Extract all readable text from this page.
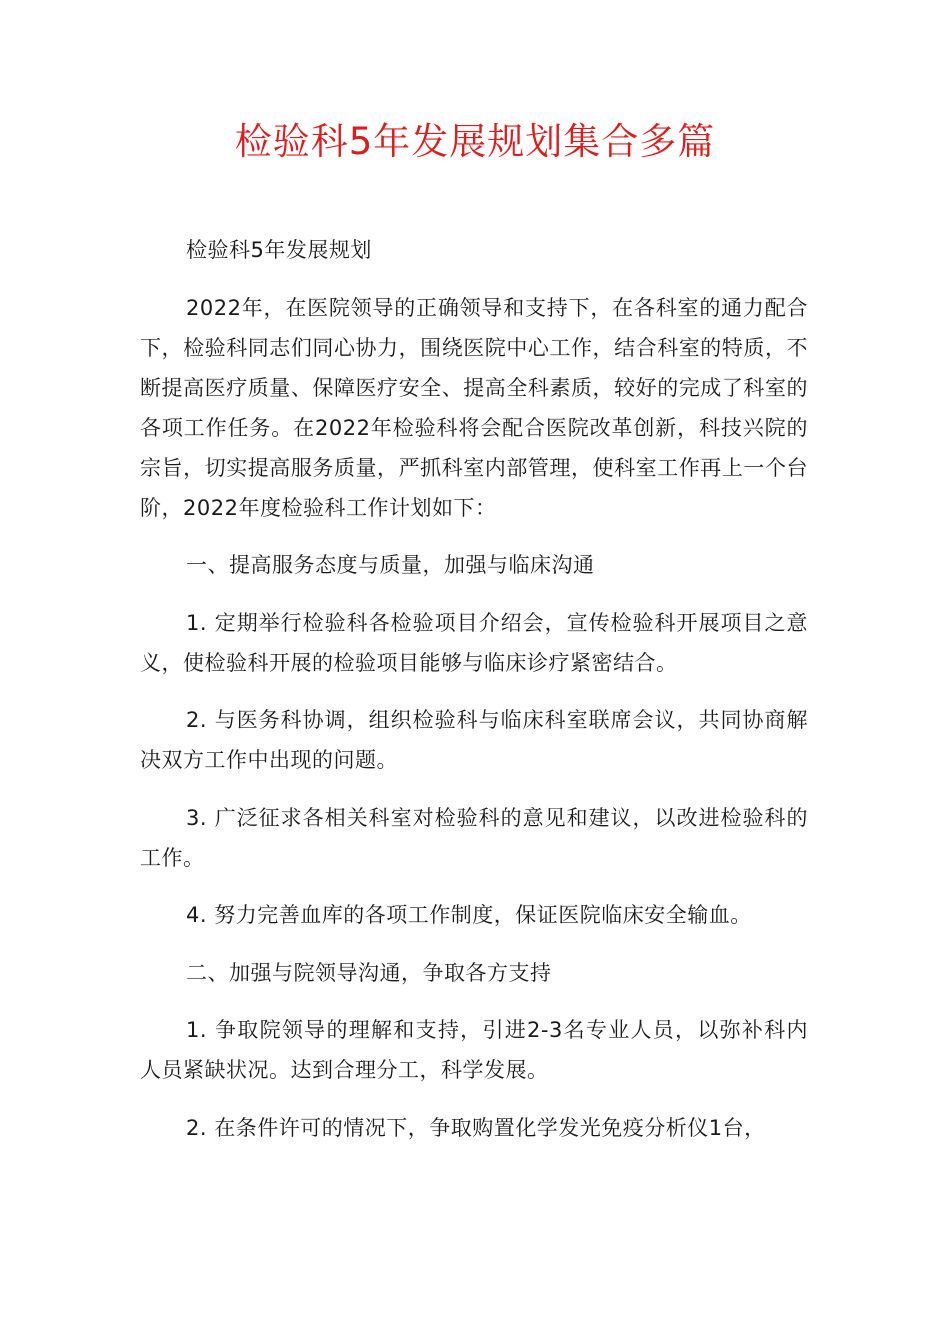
检验科5年发展规划集合多篇

检验科5年发展规划

2022年，在医院领导的正确领导和支持下，在各科室的通力配合下，检验科同志们同心协力，围绕医院中心工作，结合科室的特质，不断提高医疗质量、保障医疗安全、提高全科素质，较好的完成了科室的各项工作任务。在2022年检验科将会配合医院改革创新，科技兴院的宗旨，切实提高服务质量，严抓科室内部管理，使科室工作再上一个台阶，2022年度检验科工作计划如下：

一、提高服务态度与质量，加强与临床沟通

1. 定期举行检验科各检验项目介绍会，宣传检验科开展项目之意义，使检验科开展的检验项目能够与临床诊疗紧密结合。

2. 与医务科协调，组织检验科与临床科室联席会议，共同协商解决双方工作中出现的问题。

3. 广泛征求各相关科室对检验科的意见和建议，以改进检验科的工作。

4. 努力完善血库的各项工作制度，保证医院临床安全输血。

二、加强与院领导沟通，争取各方支持

1. 争取院领导的理解和支持，引进2-3名专业人员，以弥补科内人员紧缺状况。达到合理分工，科学发展。

2. 在条件许可的情况下，争取购置化学发光免疫分析仪1台，
